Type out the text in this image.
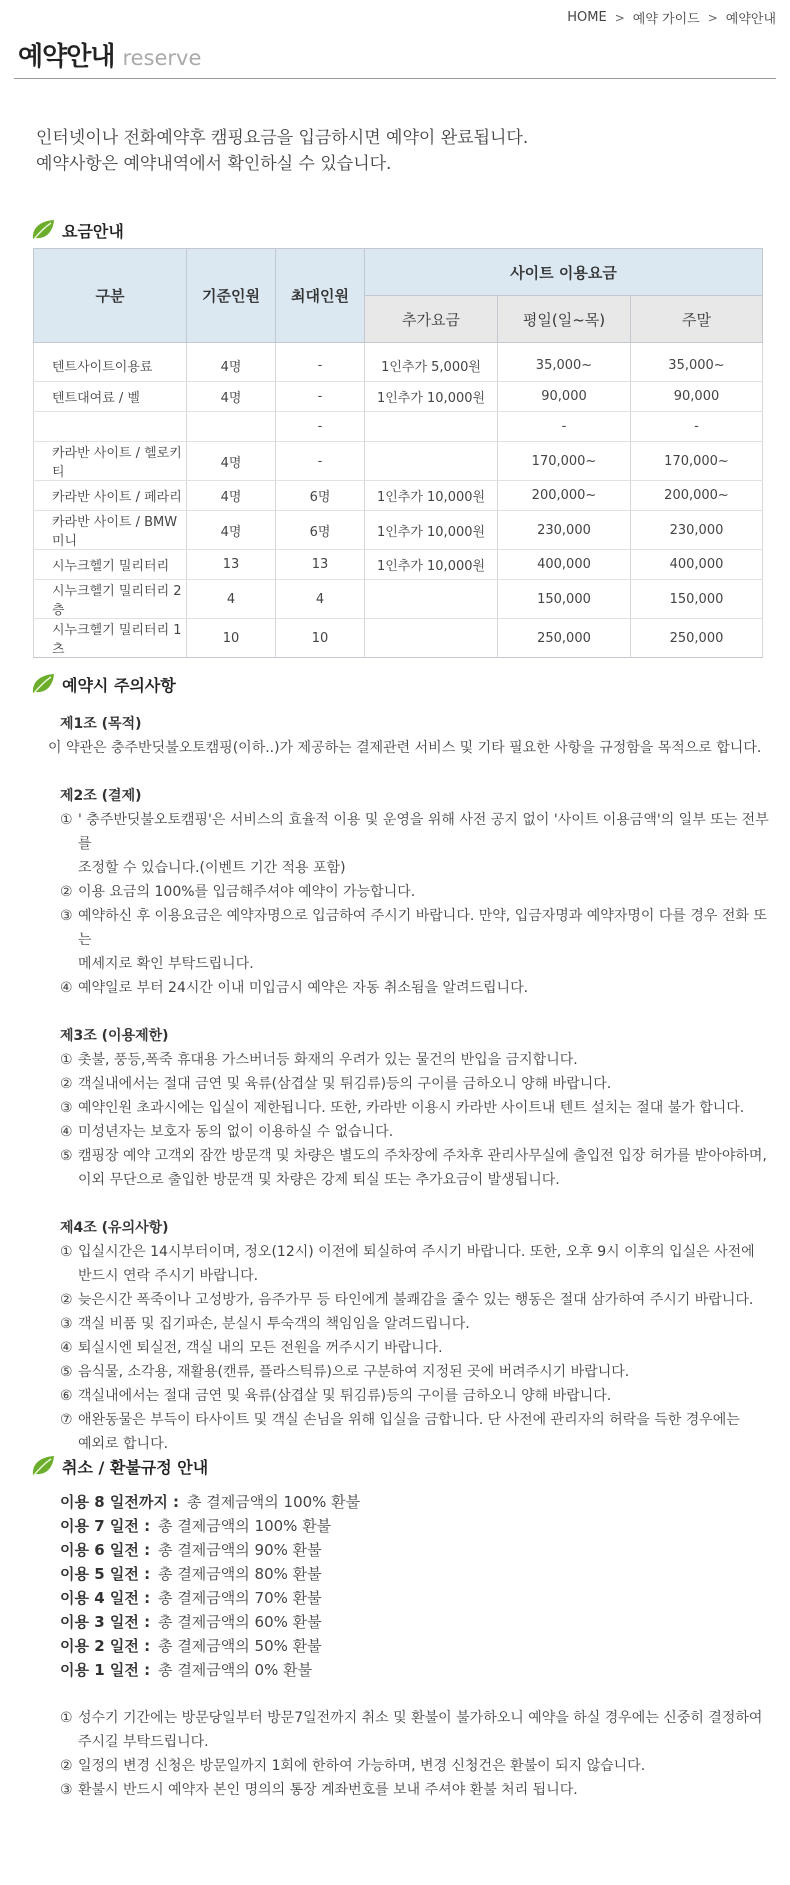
HOME > 예약 가이드 > 예약안내
예약안내 reserve
인터넷이나 전화예약후 캠핑요금을 입금하시면 예약이 완료됩니다.
예약사항은 예약내역에서 확인하실 수 있습니다.
요금안내
구분	기준인원	최대인원	사이트 이용요금		
			추가요금	평일(일~목)	주말
텐트사이트이용료	4명	-	1인추가 5,000원	35,000~	35,000~
텐트대여료 / 벨	4명	-	1인추가 10,000원	90,000	90,000
		-		-	-
카라반 사이트 / 헬로키티	4명	-		170,000~	170,000~
카라반 사이트 / 페라리	4명	6명	1인추가 10,000원	200,000~	200,000~
카라반 사이트 / BMW미니	4명	6명	1인추가 10,000원	230,000	230,000
시누크헬기 밀리터리	13	13	1인추가 10,000원	400,000	400,000
시누크헬기 밀리터리 2층	4	4		150,000	150,000
시누크헬기 밀리터리 1츠	10	10		250,000	250,000
예약시 주의사항
제1조 (목적)
이 약관은 충주반딧불오토캠핑(이하..)가 제공하는 결제관련 서비스 및 기타 필요한 사항을 규정함을 목적으로 합니다.
제2조 (결제)
① ' 충주반딧불오토캠핑'은 서비스의 효율적 이용 및 운영을 위해 사전 공지 없이 '사이트 이용금액'의 일부 또는 전부를
조정할 수 있습니다.(이벤트 기간 적용 포함)
② 이용 요금의 100%를 입금해주셔야 예약이 가능합니다.
③ 예약하신 후 이용요금은 예약자명으로 입금하여 주시기 바랍니다. 만약, 입금자명과 예약자명이 다를 경우 전화 또는
메세지로 확인 부탁드립니다.
④ 예약일로 부터 24시간 이내 미입금시 예약은 자동 취소됨을 알려드립니다.
제3조 (이용제한)
① 촛불, 풍등,폭죽 휴대용 가스버너등 화재의 우려가 있는 물건의 반입을 금지합니다.
② 객실내에서는 절대 금연 및 육류(삼겹살 및 튀김류)등의 구이를 금하오니 양해 바랍니다.
③ 예약인원 초과시에는 입실이 제한됩니다. 또한, 카라반 이용시 카라반 사이트내 텐트 설치는 절대 불가 합니다.
④ 미성년자는 보호자 동의 없이 이용하실 수 없습니다.
⑤ 캠핑장 예약 고객외 잠깐 방문객 및 차량은 별도의 주차장에 주차후 관리사무실에 출입전 입장 허가를 받아야하며,
이외 무단으로 출입한 방문객 및 차량은 강제 퇴실 또는 추가요금이 발생됩니다.
제4조 (유의사항)
① 입실시간은 14시부터이며, 정오(12시) 이전에 퇴실하여 주시기 바랍니다. 또한, 오후 9시 이후의 입실은 사전에
반드시 연락 주시기 바랍니다.
② 늦은시간 폭죽이나 고성방가, 음주가무 등 타인에게 불쾌감을 줄수 있는 행동은 절대 삼가하여 주시기 바랍니다.
③ 객실 비품 및 집기파손, 분실시 투숙객의 책임임을 알려드립니다.
④ 퇴실시엔 퇴실전, 객실 내의 모든 전원을 꺼주시기 바랍니다.
⑤ 음식물, 소각용, 재활용(캔류, 플라스틱류)으로 구분하여 지정된 곳에 버려주시기 바랍니다.
⑥ 객실내에서는 절대 금연 및 육류(삼겹살 및 튀김류)등의 구이를 금하오니 양해 바랍니다.
⑦ 애완동물은 부득이 타사이트 및 객실 손님을 위해 입실을 금합니다. 단 사전에 관리자의 허락을 득한 경우에는
예외로 합니다.
취소 / 환불규정 안내
이용 8 일전까지 : 총 결제금액의 100% 환불
이용 7 일전 : 총 결제금액의 100% 환불
이용 6 일전 : 총 결제금액의 90% 환불
이용 5 일전 : 총 결제금액의 80% 환불
이용 4 일전 : 총 결제금액의 70% 환불
이용 3 일전 : 총 결제금액의 60% 환불
이용 2 일전 : 총 결제금액의 50% 환불
이용 1 일전 : 총 결제금액의 0% 환불
① 성수기 기간에는 방문당일부터 방문7일전까지 취소 및 환불이 불가하오니 예약을 하실 경우에는 신중히 결정하여
주시길 부탁드립니다.
② 일정의 변경 신청은 방문일까지 1회에 한하여 가능하며, 변경 신청건은 환불이 되지 않습니다.
③ 환불시 반드시 예약자 본인 명의의 통장 계좌번호를 보내 주셔야 환불 처리 됩니다.
